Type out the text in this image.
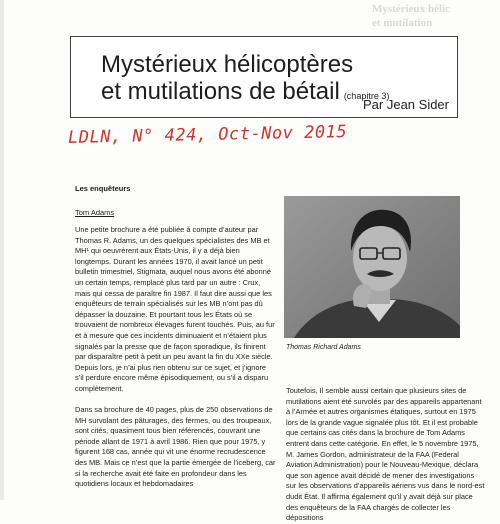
Mystérieux hélic
et mutilation
Mystérieux hélicoptères
et mutilations de bétail (chapitre 3)
Par Jean Sider
LDLN, N° 424, Oct-Nov 2015
Les enquêteurs
Tom Adams

Une petite brochure a été publiée à compte d’auteur par Thomas R. Adams, un des quelques spécialistes des MB et MH¹ qui oeuvrèrent aux États-Unis, il y a déjà bien longtemps. Durant les années 1970, il avait lancé un petit bulletin trimestriel, Stigmata, auquel nous avons été abonné un certain temps, remplacé plus tard par un autre : Crux, mais qui cessa de paraître fin 1987. Il faut dire aussi que les enquêteurs de terrain spécialisés sur les MB n’ont pas dû dépasser la douzaine. Et pourtant tous les États où se trouvaient de nombreux élevages furent touchés. Puis, au fur et à mesure que ces incidents diminuaient et n’étaient plus signalés par la presse que de façon sporadique, ils finirent par disparaître petit à petit un peu avant la fin du XXe siècle. Depuis lors, je n’ai plus rien obtenu sur ce sujet, et j’ignore s’il perdure encore même épisodiquement, ou s’il a disparu complètement.

Dans sa brochure de 40 pages, plus de 250 observations de MH survolant des pâturages, des fermes, ou des troupeaux, sont cités, quasiment tous bien référencés, couvrant une période allant de 1971 à avril 1986. Rien que pour 1975, y figurent 168 cas, année qui vit une énorme recrudescence des MB. Mais ce n’est que la partie émergée de l’iceberg, car si la recherche avait été faite en profondeur dans les quotidiens locaux et hebdomadaires

Thomas Richard Adams

Toutefois, Il semble aussi certain que plusieurs sites de mutilations aient été survolés par des appareils appartenant à l’Armée et autres organismes étatiques, surtout en 1975 lors de la grande vague signalée plus tôt. Et il est probable que certains cas cités dans la brochure de Tom Adams entrent dans cette catégorie. En effet, le 5 novembre 1975, M. James Gordon, administrateur de la FAA (Federal Aviation Administration) pour le Nouveau-Mexique, déclara que son agence avait décidé de mener des investigations sur les observations d’appareils aériens vus dans le nord-est dudit État. Il affirma également qu’il y avait déjà sur place des enquêteurs de la FAA chargés de collecter les dépositions
